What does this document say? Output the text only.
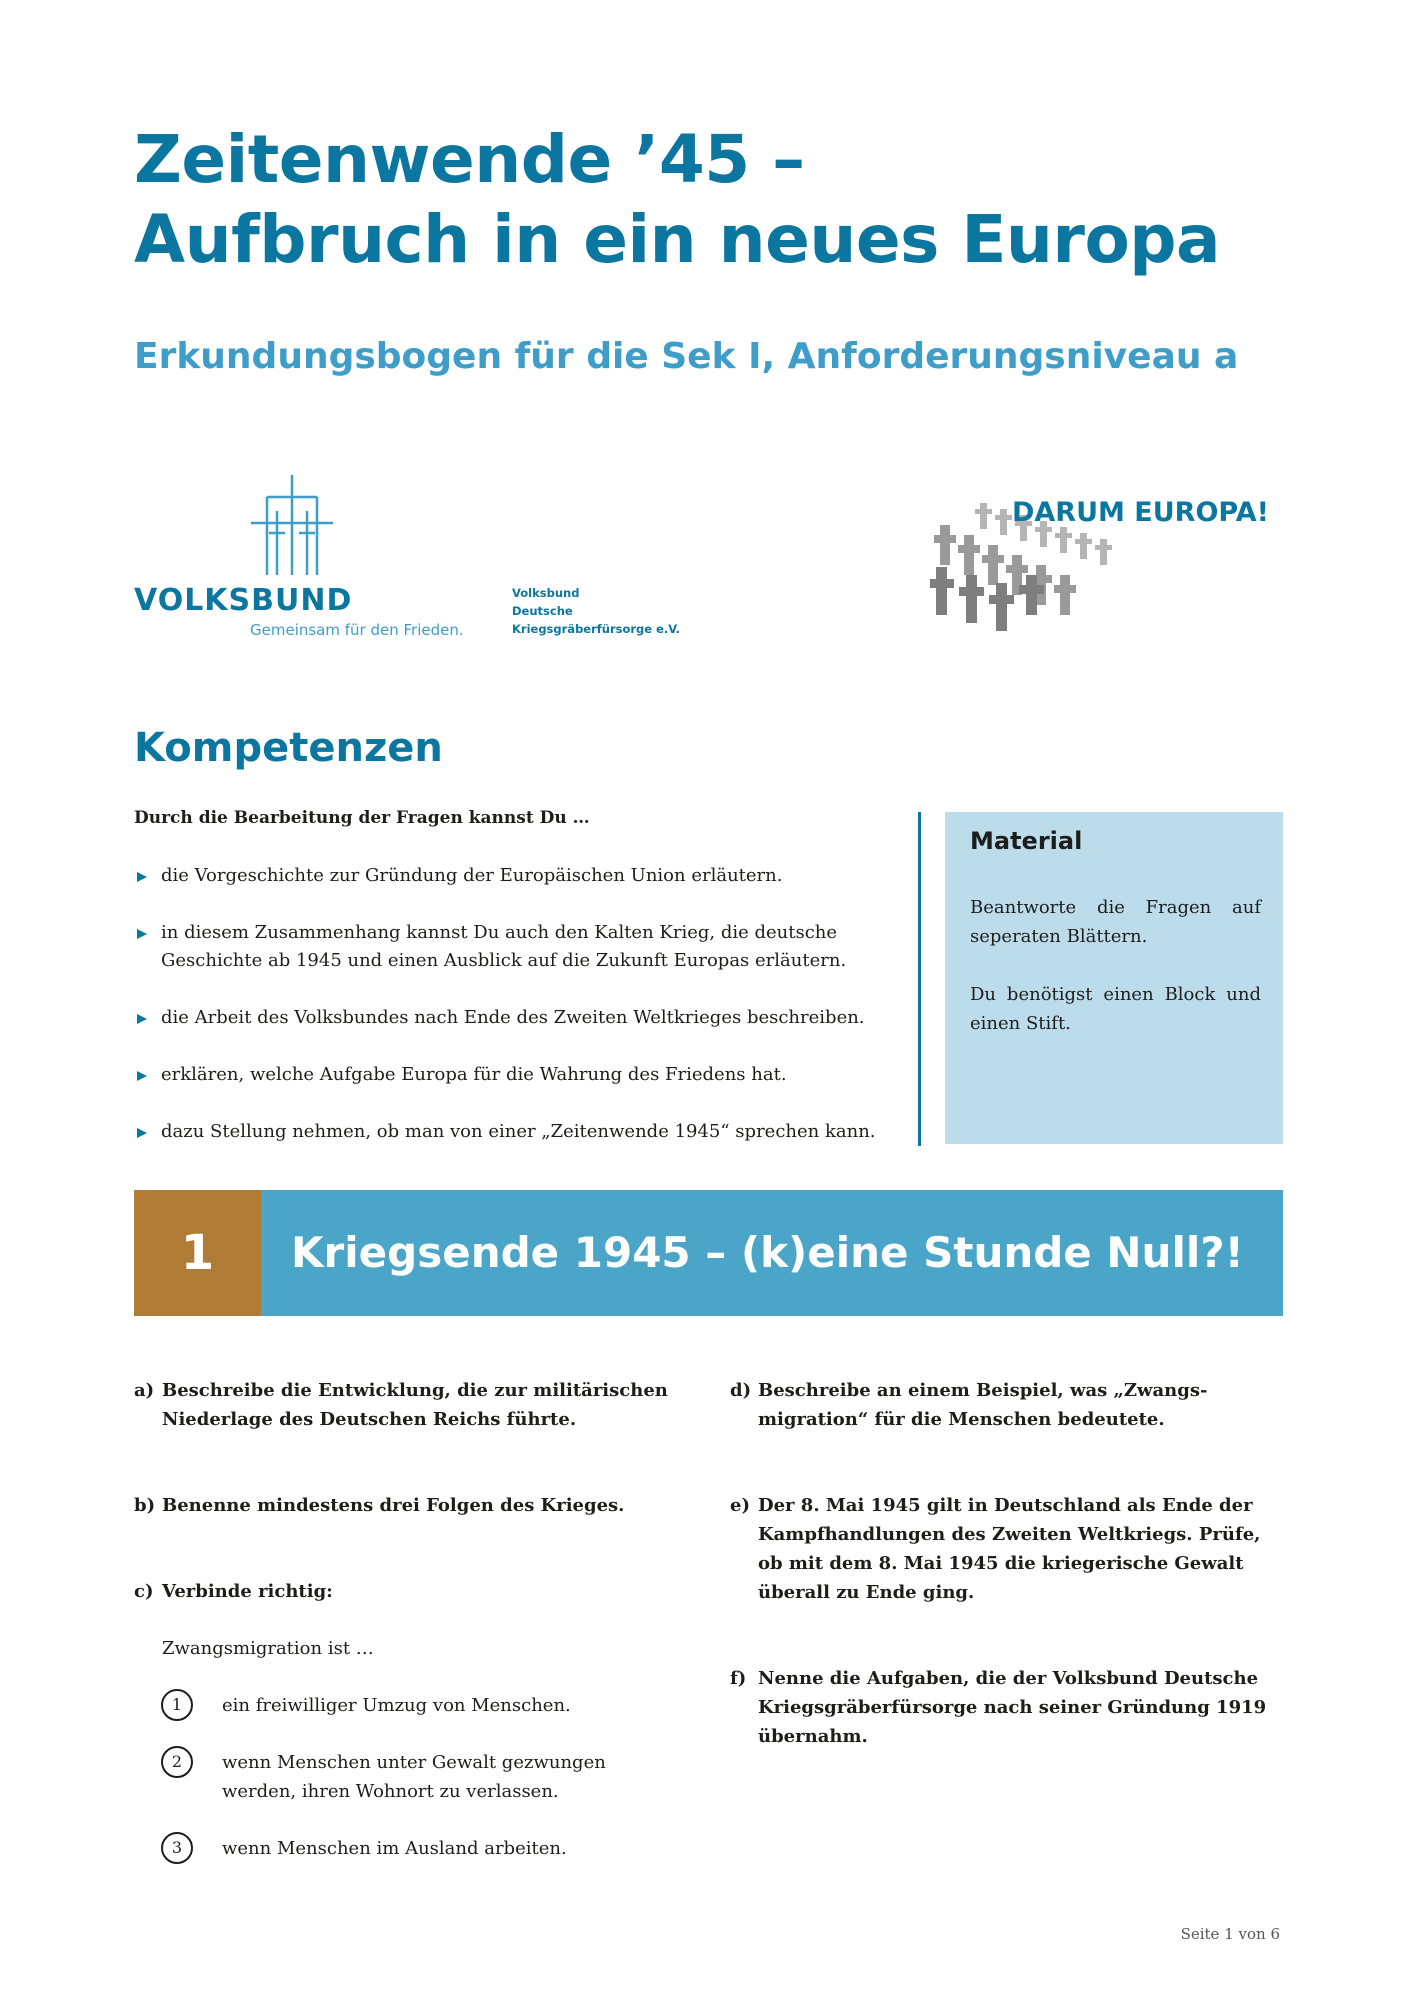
Zeitenwende ’45 –
Aufbruch in ein neues Europa
Erkundungsbogen für die Sek I, Anforderungsniveau a
VOLKSBUND
Gemeinsam für den Frieden.
Volksbund
Deutsche
Kriegsgräberfürsorge e.V.
DARUM EUROPA!
Kompetenzen
Durch die Bearbeitung der Fragen kannst Du …
die Vorgeschichte zur Gründung der Europäischen Union erläutern.
in diesem Zusammenhang kannst Du auch den Kalten Krieg, die deutsche Geschichte ab 1945 und einen Ausblick auf die Zukunft Europas erläutern.
die Arbeit des Volksbundes nach Ende des Zweiten Weltkrieges beschreiben.
erklären, welche Aufgabe Europa für die Wahrung des Friedens hat.
dazu Stellung nehmen, ob man von einer „Zeitenwende 1945“ sprechen kann.
Material

Beantworte die Fragen auf seperaten Blättern.

Du benötigst einen Block und einen Stift.

1	Kriegsende 1945 – (k)eine Stunde Null?!
a) Beschreibe die Entwicklung, die zur militärischen Niederlage des Deutschen Reichs führte.
b) Benenne mindestens drei Folgen des Krieges.
c) Verbinde richtig:
Zwangsmigration ist …
1	ein freiwilliger Umzug von Menschen.
2	wenn Menschen unter Gewalt gezwungen werden, ihren Wohnort zu verlassen.
3	wenn Menschen im Ausland arbeiten.
d) Beschreibe an einem Beispiel, was „Zwangs-migration“ für die Menschen bedeutete.
e) Der 8. Mai 1945 gilt in Deutschland als Ende der Kampfhandlungen des Zweiten Weltkriegs. Prüfe, ob mit dem 8. Mai 1945 die kriegerische Gewalt überall zu Ende ging.
f) Nenne die Aufgaben, die der Volksbund Deutsche Kriegsgräberfürsorge nach seiner Gründung 1919 übernahm.
Seite 1 von 6
